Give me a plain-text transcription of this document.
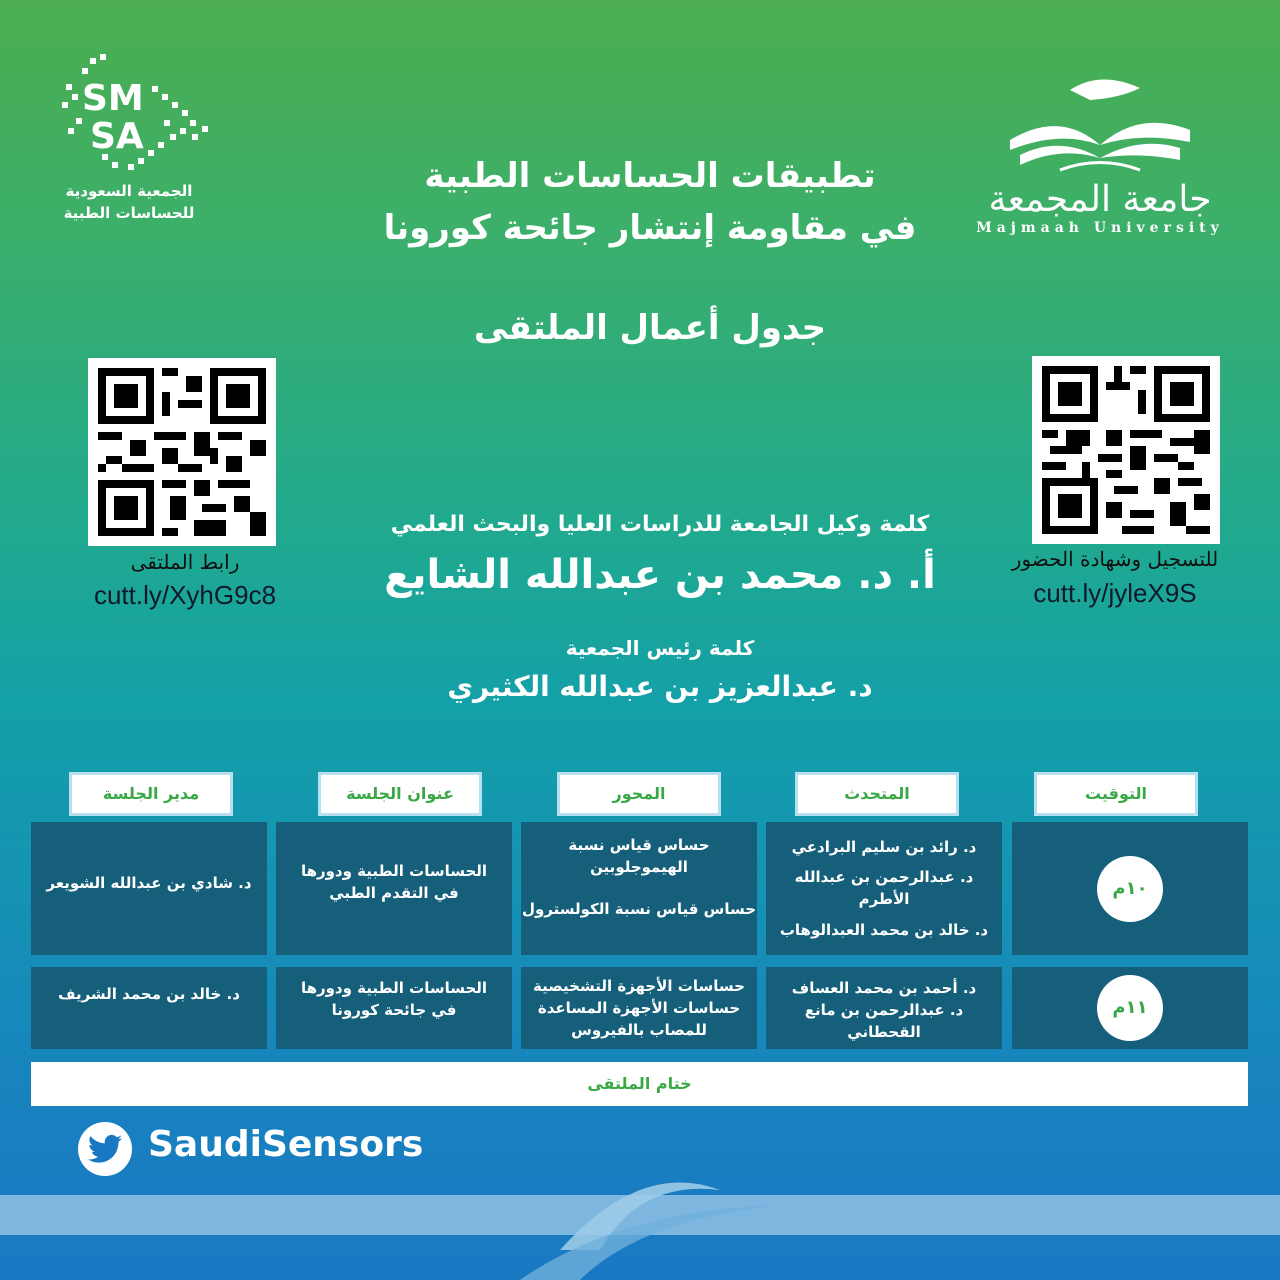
SM
SA
الجمعية السعودية
للحساسات الطبية	جامعة المجمعة
Majmaah University
تطبيقات الحساسات الطبية
في مقاومة إنتشار جائحة كورونا
جدول أعمال الملتقى
رابط الملتقى
cutt.ly/XyhG9c8
للتسجيل وشهادة الحضور
cutt.ly/jyleX9S
كلمة وكيل الجامعة للدراسات العليا والبحث العلمي
أ. د. محمد بن عبدالله الشايع
كلمة رئيس الجمعية
د. عبدالعزيز بن عبدالله الكثيري
التوقيت
المتحدث
المحور
عنوان الجلسة
مدير الجلسة
١٠م
د. رائد بن سليم البرادعي
د. عبدالرحمن بن عبدالله الأطرم
د. خالد بن محمد العبدالوهاب
حساس قياس نسبة الهيموجلوبين
حساس قياس نسبة الكولسترول
الحساسات الطبية ودورها
في التقدم الطبي
د. شادي بن عبدالله الشويعر
١١م
د. أحمد بن محمد العساف
د. عبدالرحمن بن مانع القحطاني
حساسات الأجهزة التشخيصية
حساسات الأجهزة المساعدة
للمصاب بالفيروس
الحساسات الطبية ودورها
في جائحة كورونا
د. خالد بن محمد الشريف
ختام الملتقى
SaudiSensors
